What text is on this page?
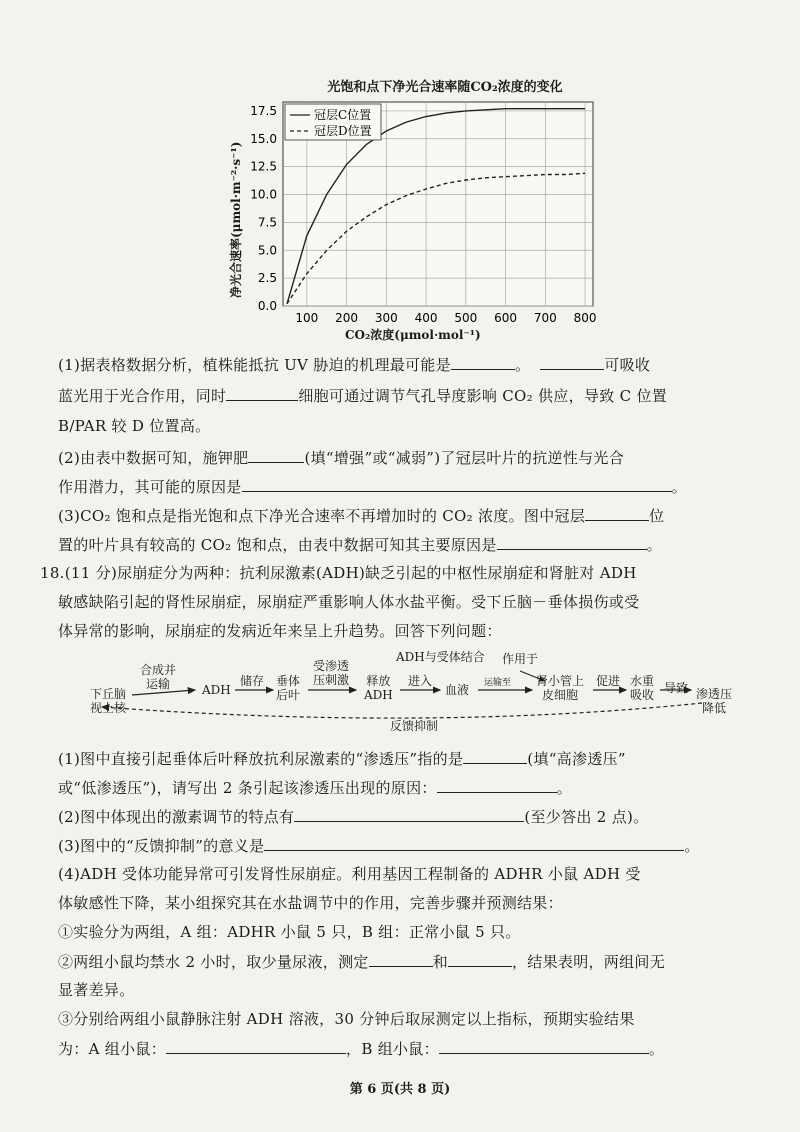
光饱和点下净光合速率随CO₂浓度的变化
100 200 300 400 500 600 700 800
0.0
2.5
5.0
7.5
10.0
12.5
15.0
17.5	冠层C位置
冠层D位置
净光合速率(μmol·m⁻²·s⁻¹)
CO₂浓度(μmol·mol⁻¹)
(1)据表格数据分析，植株能抵抗 UV 胁迫的机理最可能是	。	可吸收
蓝光用于光合作用，同时	细胞可通过调节气孔导度影响 CO₂ 供应，导致 C 位置
B/PAR 较 D 位置高。
(2)由表中数据可知，施钾肥	(填“增强”或“减弱”)了冠层叶片的抗逆性与光合
作用潜力，其可能的原因是	。
(3)CO₂ 饱和点是指光饱和点下净光合速率不再增加时的 CO₂ 浓度。图中冠层	位
置的叶片具有较高的 CO₂ 饱和点，由表中数据可知其主要原因是	。
18.(11 分)尿崩症分为两种：抗利尿激素(ADH)缺乏引起的中枢性尿崩症和肾脏对 ADH
敏感缺陷引起的肾性尿崩症，尿崩症严重影响人体水盐平衡。受下丘脑－垂体损伤或受
体异常的影响，尿崩症的发病近年来呈上升趋势。回答下列问题：
下丘脑
视上核
合成并
运输	ADH
储存 垂体
后叶
受渗透
压刺激 释放
ADH
进入
血液
ADH与受体结合 作用于
运输至 肾小管上
皮细胞
促进 水重
吸收 导致 渗透压
降低
反馈抑制
(1)图中直接引起垂体后叶释放抗利尿激素的“渗透压”指的是	(填“高渗透压”
或“低渗透压”)，请写出 2 条引起该渗透压出现的原因：	。
(2)图中体现出的激素调节的特点有	(至少答出 2 点)。
(3)图中的“反馈抑制”的意义是	。
(4)ADH 受体功能异常可引发肾性尿崩症。利用基因工程制备的 ADHR 小鼠 ADH 受
体敏感性下降，某小组探究其在水盐调节中的作用，完善步骤并预测结果：
①实验分为两组，A 组：ADHR 小鼠 5 只，B 组：正常小鼠 5 只。
②两组小鼠均禁水 2 小时，取少量尿液，测定	和	，结果表明，两组间无
显著差异。
③分别给两组小鼠静脉注射 ADH 溶液，30 分钟后取尿测定以上指标，预期实验结果
为：A 组小鼠：	，B 组小鼠：	。
第 6 页(共 8 页)
